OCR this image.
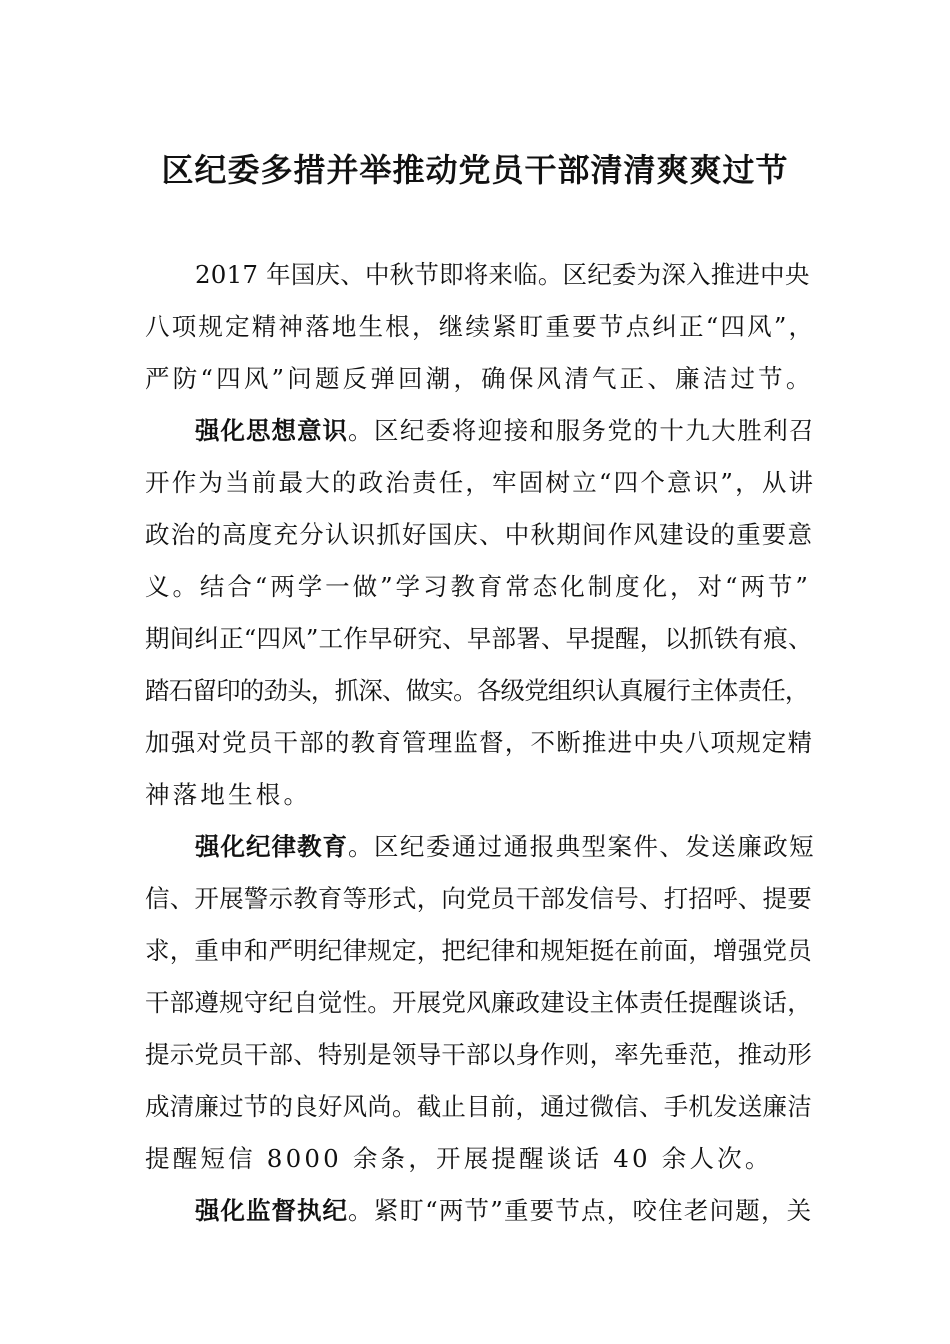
区纪委多措并举推动党员干部清清爽爽过节
2017 年国庆、中秋节即将来临。区纪委为深入推进中央
八项规定精神落地生根，继续紧盯重要节点纠正“四风”，
严防“四风”问题反弹回潮，确保风清气正、廉洁过节。
强化思想意识。区纪委将迎接和服务党的十九大胜利召
开作为当前最大的政治责任，牢固树立“四个意识”，从讲
政治的高度充分认识抓好国庆、中秋期间作风建设的重要意
义。结合“两学一做”学习教育常态化制度化，对“两节”
期间纠正“四风”工作早研究、早部署、早提醒，以抓铁有痕、
踏石留印的劲头，抓深、做实。各级党组织认真履行主体责任，
加强对党员干部的教育管理监督，不断推进中央八项规定精
神落地生根。
强化纪律教育。区纪委通过通报典型案件、发送廉政短
信、开展警示教育等形式，向党员干部发信号、打招呼、提要
求，重申和严明纪律规定，把纪律和规矩挺在前面，增强党员
干部遵规守纪自觉性。开展党风廉政建设主体责任提醒谈话，
提示党员干部、特别是领导干部以身作则，率先垂范，推动形
成清廉过节的良好风尚。截止目前，通过微信、手机发送廉洁
提醒短信 8000 余条，开展提醒谈话 40 余人次。
强化监督执纪。紧盯“两节”重要节点，咬住老问题，关
